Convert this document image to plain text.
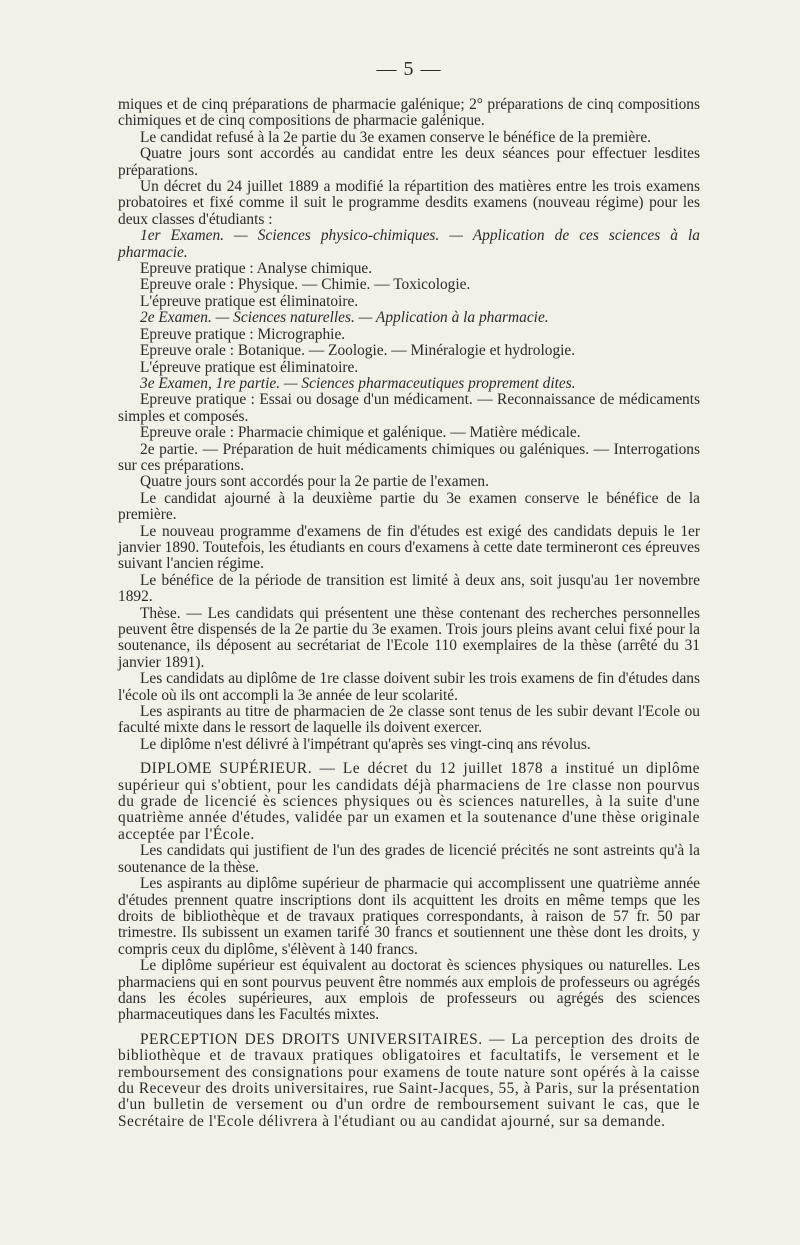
— 5 —

miques et de cinq préparations de pharmacie galénique; 2° préparations de cinq compositions chimiques et de cinq compositions de pharmacie galénique.

Le candidat refusé à la 2e partie du 3e examen conserve le bénéfice de la première.

Quatre jours sont accordés au candidat entre les deux séances pour effectuer lesdites préparations.

Un décret du 24 juillet 1889 a modifié la répartition des matières entre les trois examens probatoires et fixé comme il suit le programme desdits examens (nouveau régime) pour les deux classes d'étudiants :

1er Examen. — Sciences physico-chimiques. — Application de ces sciences à la pharmacie.

Epreuve pratique : Analyse chimique.

Epreuve orale : Physique. — Chimie. — Toxicologie.

L'épreuve pratique est éliminatoire.

2e Examen. — Sciences naturelles. — Application à la pharmacie.

Epreuve pratique : Micrographie.

Epreuve orale : Botanique. — Zoologie. — Minéralogie et hydrologie.

L'épreuve pratique est éliminatoire.

3e Examen, 1re partie. — Sciences pharmaceutiques proprement dites.

Epreuve pratique : Essai ou dosage d'un médicament. — Reconnaissance de médicaments simples et composés.

Epreuve orale : Pharmacie chimique et galénique. — Matière médicale.

2e partie. — Préparation de huit médicaments chimiques ou galéniques. — Interrogations sur ces préparations.

Quatre jours sont accordés pour la 2e partie de l'examen.

Le candidat ajourné à la deuxième partie du 3e examen conserve le bénéfice de la première.

Le nouveau programme d'examens de fin d'études est exigé des candidats depuis le 1er janvier 1890. Toutefois, les étudiants en cours d'examens à cette date termineront ces épreuves suivant l'ancien régime.

Le bénéfice de la période de transition est limité à deux ans, soit jusqu'au 1er novembre 1892.

Thèse. — Les candidats qui présentent une thèse contenant des recherches personnelles peuvent être dispensés de la 2e partie du 3e examen. Trois jours pleins avant celui fixé pour la soutenance, ils déposent au secrétariat de l'Ecole 110 exemplaires de la thèse (arrêté du 31 janvier 1891).

Les candidats au diplôme de 1re classe doivent subir les trois examens de fin d'études dans l'école où ils ont accompli la 3e année de leur scolarité.

Les aspirants au titre de pharmacien de 2e classe sont tenus de les subir devant l'Ecole ou faculté mixte dans le ressort de laquelle ils doivent exercer.

Le diplôme n'est délivré à l'impétrant qu'après ses vingt-cinq ans révolus.

DIPLOME SUPÉRIEUR. — Le décret du 12 juillet 1878 a institué un diplôme supérieur qui s'obtient, pour les candidats déjà pharmaciens de 1re classe non pourvus du grade de licencié ès sciences physiques ou ès sciences naturelles, à la suite d'une quatrième année d'études, validée par un examen et la soutenance d'une thèse originale acceptée par l'École.

Les candidats qui justifient de l'un des grades de licencié précités ne sont astreints qu'à la soutenance de la thèse.

Les aspirants au diplôme supérieur de pharmacie qui accomplissent une quatrième année d'études prennent quatre inscriptions dont ils acquittent les droits en même temps que les droits de bibliothèque et de travaux pratiques correspondants, à raison de 57 fr. 50 par trimestre. Ils subissent un examen tarifé 30 francs et soutiennent une thèse dont les droits, y compris ceux du diplôme, s'élèvent à 140 francs.

Le diplôme supérieur est équivalent au doctorat ès sciences physiques ou naturelles. Les pharmaciens qui en sont pourvus peuvent être nommés aux emplois de professeurs ou agrégés dans les écoles supérieures, aux emplois de professeurs ou agrégés des sciences pharmaceutiques dans les Facultés mixtes.

PERCEPTION DES DROITS UNIVERSITAIRES. — La perception des droits de bibliothèque et de travaux pratiques obligatoires et facultatifs, le versement et le remboursement des consignations pour examens de toute nature sont opérés à la caisse du Receveur des droits universitaires, rue Saint-Jacques, 55, à Paris, sur la présentation d'un bulletin de versement ou d'un ordre de remboursement suivant le cas, que le Secrétaire de l'Ecole délivrera à l'étudiant ou au candidat ajourné, sur sa demande.
